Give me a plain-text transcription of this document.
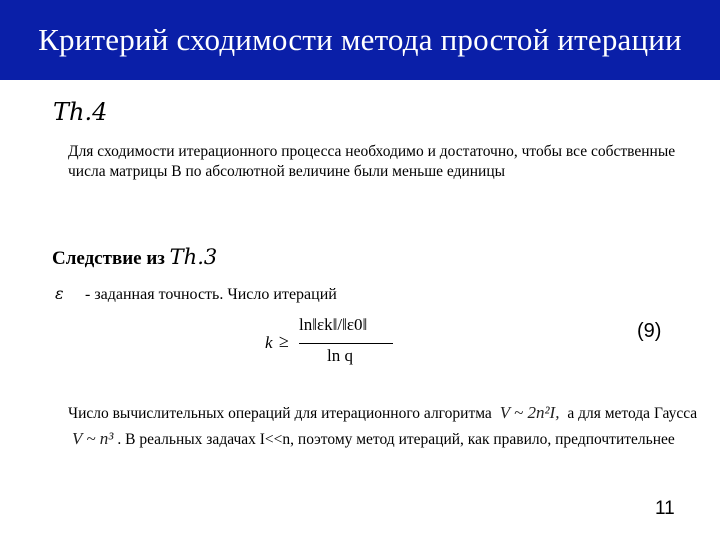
Критерий сходимости метода простой итерации
Th.4
Для сходимости итерационного процесса необходимо и достаточно, чтобы все собственные числа матрицы B по абсолютной величине были меньше единицы
Следствие из Th.3
ε - заданная точность. Число итераций
k ≥
ln‖εk‖/‖ε0‖
ln q
(9)
Число вычислительных операций для итерационного алгоритма V ~ 2n²I, а для метода Гаусса V ~ n³ . В реальных задачах I<<n, поэтому метод итераций, как правило, предпочтительнее
11
